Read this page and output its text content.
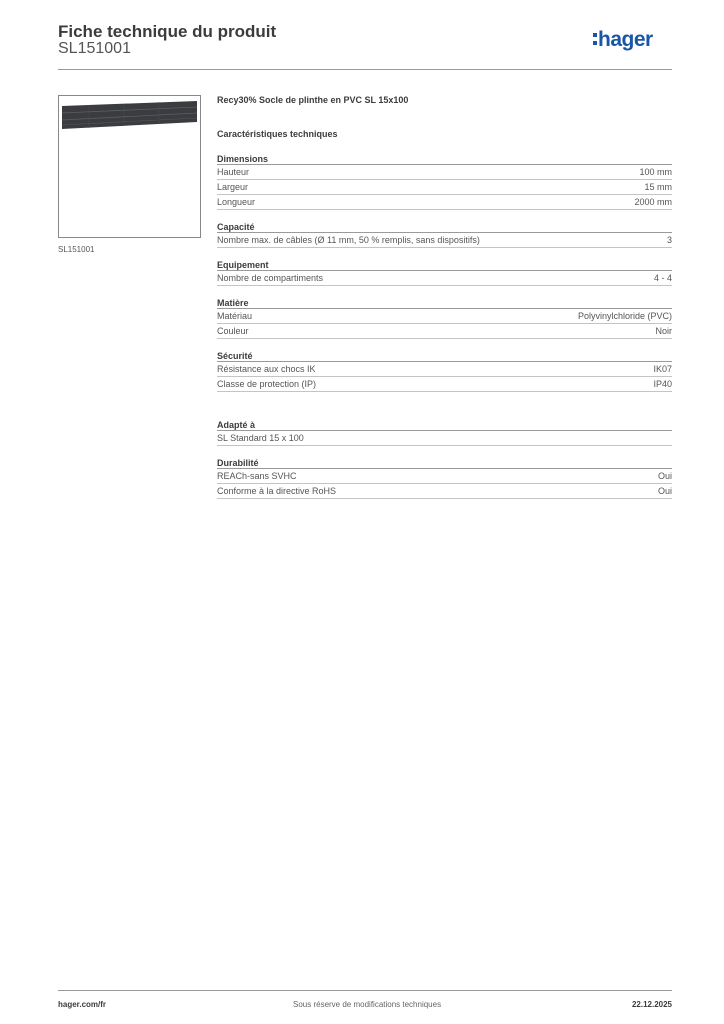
Fiche technique du produit
SL151001	hager
SL151001
Recy30% Socle de plinthe en PVC SL 15x100
Caractéristiques techniques
Dimensions
Hauteur	100 mm
Largeur	15 mm
Longueur	2000 mm
Capacité
Nombre max. de câbles (Ø 11 mm, 50 % remplis, sans dispositifs)	3
Equipement
Nombre de compartiments	4 - 4
Matière
Matériau	Polyvinylchloride (PVC)
Couleur	Noir
Sécurité
Résistance aux chocs IK	IK07
Classe de protection (IP)	IP40
Adapté à
SL Standard 15 x 100
Durabilité
REACh-sans SVHC	Oui
Conforme à la directive RoHS	Oui
hager.com/fr	Sous réserve de modifications techniques	22.12.2025
